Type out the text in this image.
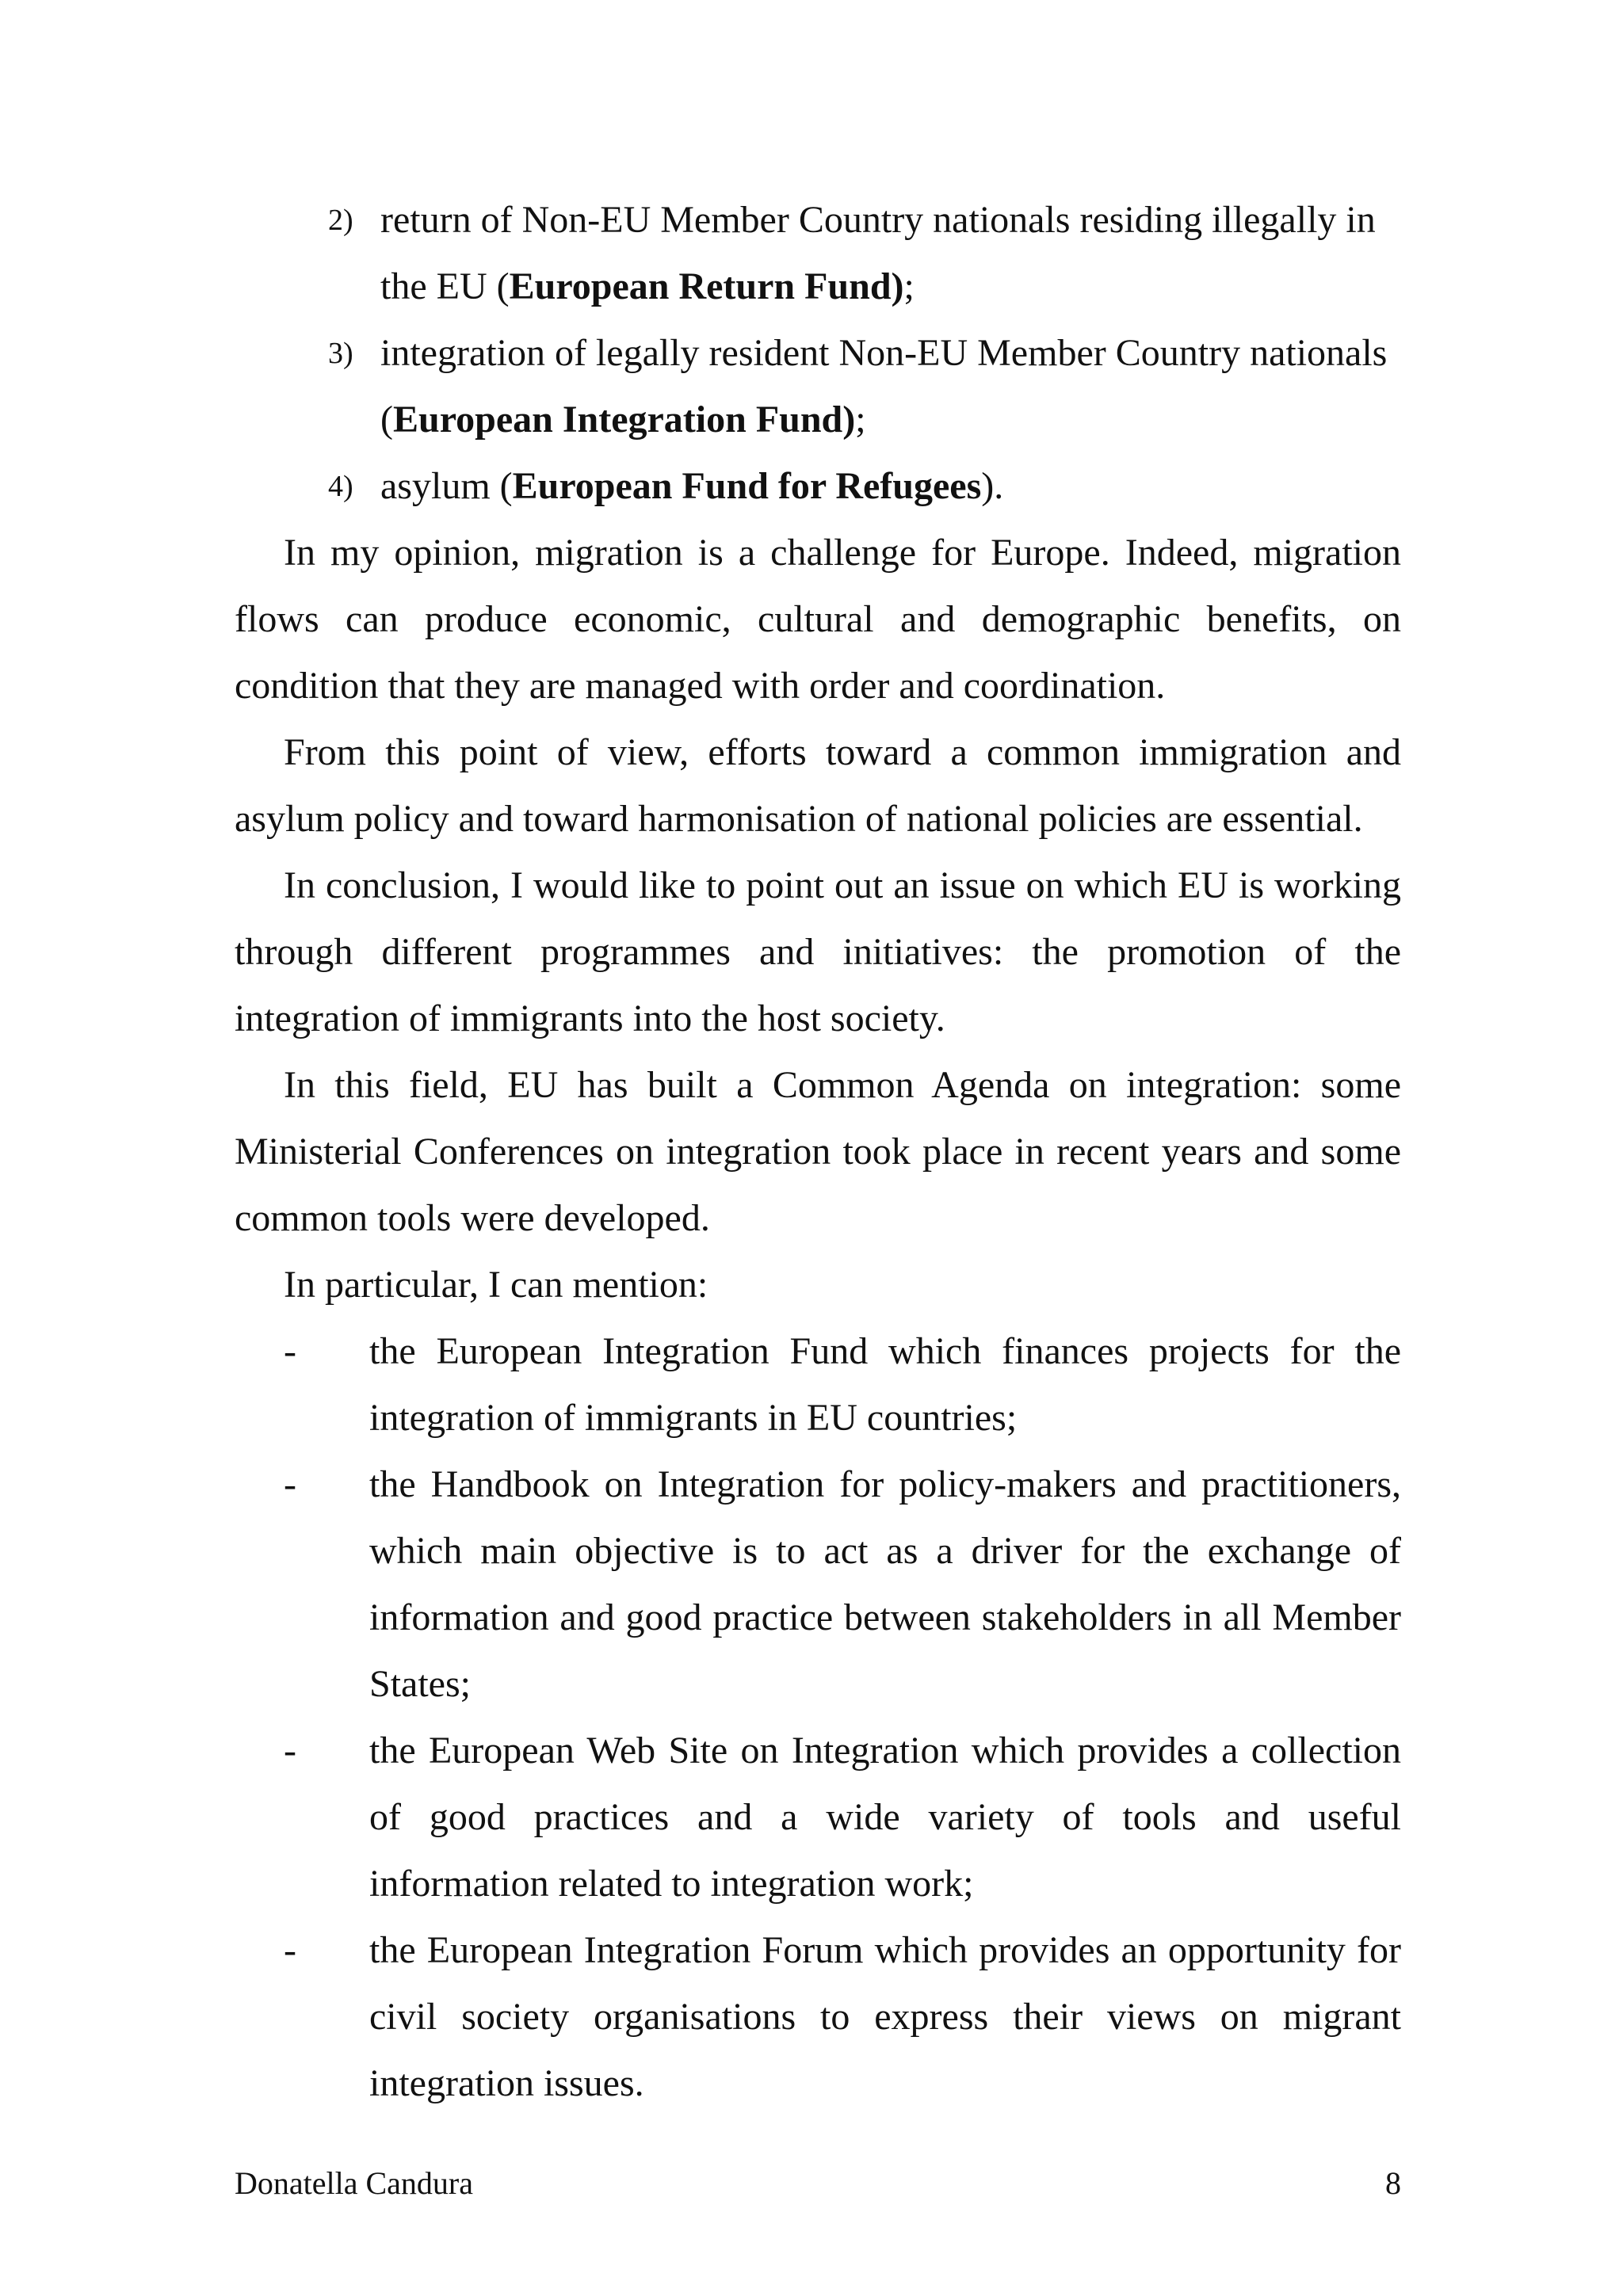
2) return of Non-EU Member Country nationals residing illegally in the EU (European Return Fund);
3) integration of legally resident Non-EU Member Country nationals (European Integration Fund);
4) asylum (European Fund for Refugees).

In my opinion, migration is a challenge for Europe. Indeed, migration flows can produce economic, cultural and demographic benefits, on condition that they are managed with order and coordination.

From this point of view, efforts toward a common immigration and asylum policy and toward harmonisation of national policies are essential.

In conclusion, I would like to point out an issue on which EU is working through different programmes and initiatives: the promotion of the integration of immigrants into the host society.

In this field, EU has built a Common Agenda on integration: some Ministerial Conferences on integration took place in recent years and some common tools were developed.

In particular, I can mention:

- the European Integration Fund which finances projects for the integration of immigrants in EU countries;
- the Handbook on Integration for policy-makers and practitioners, which main objective is to act as a driver for the exchange of information and good practice between stakeholders in all Member States;
- the European Web Site on Integration which provides a collection of good practices and a wide variety of tools and useful information related to integration work;
- the European Integration Forum which provides an opportunity for civil society organisations to express their views on migrant integration issues.
Donatella Candura	8
